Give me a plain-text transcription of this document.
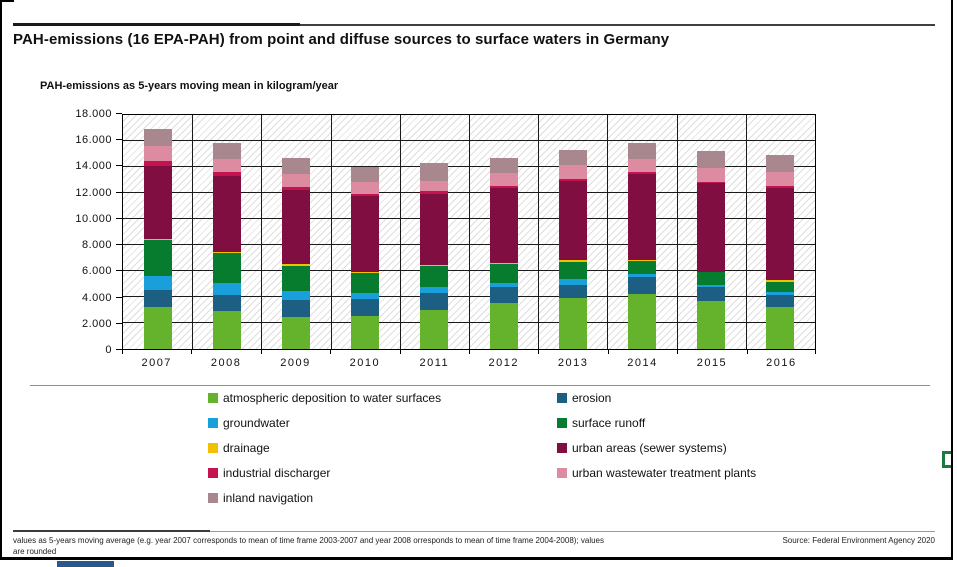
PAH-emissions (16 EPA-PAH) from point and diffuse sources to surface waters in Germany
PAH-emissions as 5-years moving mean in kilogram/year
0
2.000
4.000
6.000
8.000
10.000
12.000
14.000
16.000
18.000
2007	2008	2009	2010	2011	2012	2013	2014	2015	2016
atmospheric deposition to water surfaces	erosion
groundwater	surface runoff
drainage	urban areas (sewer systems)
industrial discharger	urban wastewater treatment plants
inland navigation
values as 5-years moving average (e.g. year 2007 corresponds to mean of time frame 2003-2007 and year 2008 orresponds to mean of time frame 2004-2008); values
are rounded
Source: Federal Environment Agency 2020
